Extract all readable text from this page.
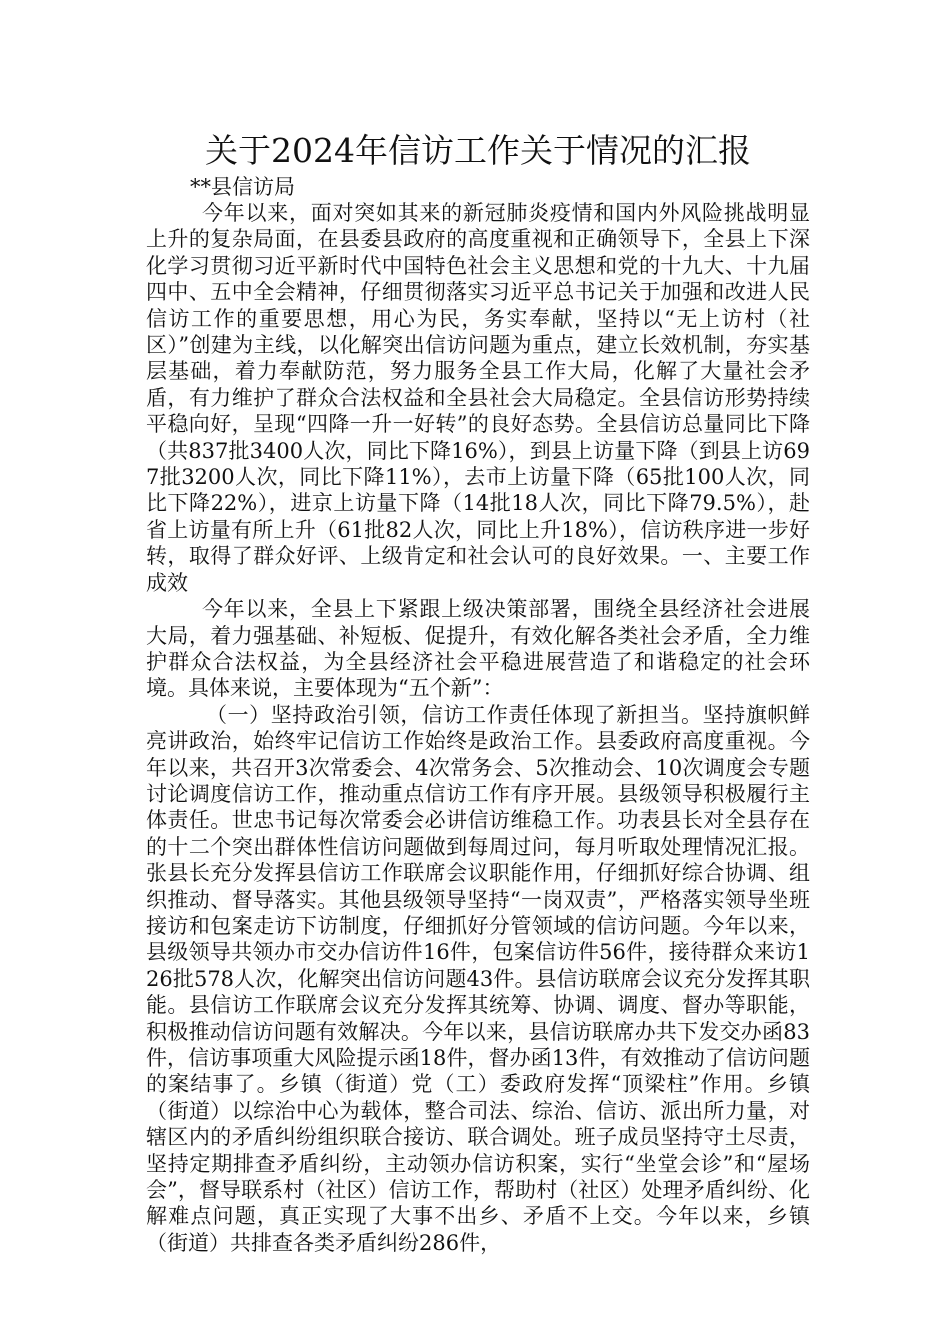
关于2024年信访工作关于情况的汇报
**县信访局

今年以来，面对突如其来的新冠肺炎疫情和国内外风险挑战明显上升的复杂局面，在县委县政府的高度重视和正确领导下，全县上下深化学习贯彻习近平新时代中国特色社会主义思想和党的十九大、十九届四中、五中全会精神，仔细贯彻落实习近平总书记关于加强和改进人民信访工作的重要思想，用心为民，务实奉献，坚持以“无上访村（社区）”创建为主线，以化解突出信访问题为重点，建立长效机制，夯实基层基础，着力奉献防范，努力服务全县工作大局，化解了大量社会矛盾，有力维护了群众合法权益和全县社会大局稳定。全县信访形势持续平稳向好，呈现“四降一升一好转”的良好态势。全县信访总量同比下降（共837批3400人次，同比下降16%），到县上访量下降（到县上访697批3200人次，同比下降11%），去市上访量下降（65批100人次，同比下降22%），进京上访量下降（14批18人次，同比下降79.5%），赴省上访量有所上升（61批82人次，同比上升18%），信访秩序进一步好转，取得了群众好评、上级肯定和社会认可的良好效果。一、主要工作成效

今年以来，全县上下紧跟上级决策部署，围绕全县经济社会进展大局，着力强基础、补短板、促提升，有效化解各类社会矛盾，全力维护群众合法权益，为全县经济社会平稳进展营造了和谐稳定的社会环境。具体来说，主要体现为“五个新”：

（一）坚持政治引领，信访工作责任体现了新担当。坚持旗帜鲜亮讲政治，始终牢记信访工作始终是政治工作。县委政府高度重视。今年以来，共召开3次常委会、4次常务会、5次推动会、10次调度会专题讨论调度信访工作，推动重点信访工作有序开展。县级领导积极履行主体责任。世忠书记每次常委会必讲信访维稳工作。功表县长对全县存在的十二个突出群体性信访问题做到每周过问，每月听取处理情况汇报。张县长充分发挥县信访工作联席会议职能作用，仔细抓好综合协调、组织推动、督导落实。其他县级领导坚持“一岗双责”，严格落实领导坐班接访和包案走访下访制度，仔细抓好分管领域的信访问题。今年以来，县级领导共领办市交办信访件16件，包案信访件56件，接待群众来访126批578人次，化解突出信访问题43件。县信访联席会议充分发挥其职能。县信访工作联席会议充分发挥其统筹、协调、调度、督办等职能，积极推动信访问题有效解决。今年以来，县信访联席办共下发交办函83件，信访事项重大风险提示函18件，督办函13件，有效推动了信访问题的案结事了。乡镇（街道）党（工）委政府发挥“顶梁柱”作用。乡镇（街道）以综治中心为载体，整合司法、综治、信访、派出所力量，对辖区内的矛盾纠纷组织联合接访、联合调处。班子成员坚持守土尽责，坚持定期排查矛盾纠纷，主动领办信访积案，实行“坐堂会诊”和“屋场会”，督导联系村（社区）信访工作，帮助村（社区）处理矛盾纠纷、化解难点问题，真正实现了大事不出乡、矛盾不上交。今年以来，乡镇（街道）共排查各类矛盾纠纷286件，
